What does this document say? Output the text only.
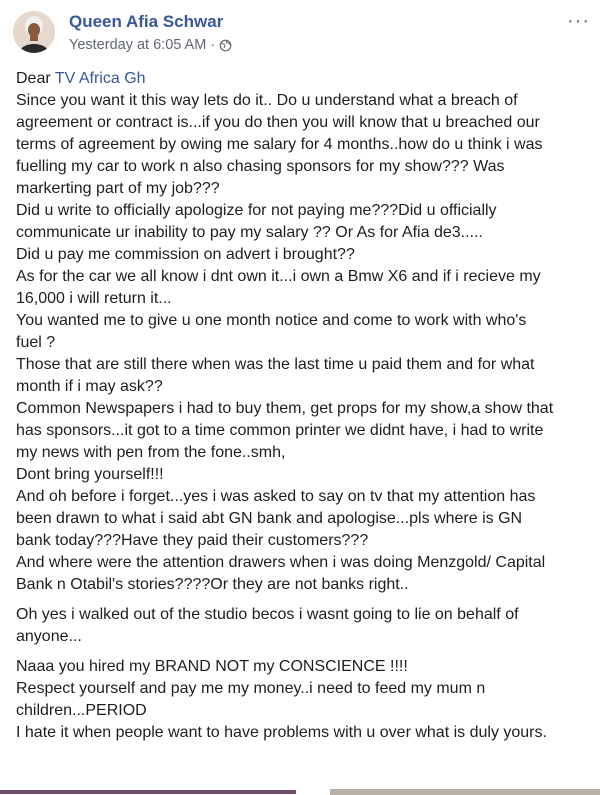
Queen Afia Schwar
Yesterday at 6:05 AM ·
···
Dear TV Africa Gh
Since you want it this way lets do it.. Do u understand what a breach of
agreement or contract is...if you do then you will know that u breached our
terms of agreement by owing me salary for 4 months..how do u think i was
fuelling my car to work n also chasing sponsors for my show??? Was
markerting part of my job???
Did u write to officially apologize for not paying me???Did u officially
communicate ur inability to pay my salary ?? Or As for Afia de3.....
Did u pay me commission on advert i brought??
As for the car we all know i dnt own it...i own a Bmw X6 and if i recieve my
16,000 i will return it...
You wanted me to give u one month notice and come to work with who's
fuel ?
Those that are still there when was the last time u paid them and for what
month if i may ask??
Common Newspapers i had to buy them, get props for my show,a show that
has sponsors...it got to a time common printer we didnt have, i had to write
my news with pen from the fone..smh,
Dont bring yourself!!!
And oh before i forget...yes i was asked to say on tv that my attention has
been drawn to what i said abt GN bank and apologise...pls where is GN
bank today???Have they paid their customers???
And where were the attention drawers when i was doing Menzgold/ Capital
Bank n Otabil's stories????Or they are not banks right..
Oh yes i walked out of the studio becos i wasnt going to lie on behalf of
anyone...
Naaa you hired my BRAND NOT my CONSCIENCE !!!!
Respect yourself and pay me my money..i need to feed my mum n
children...PERIOD
I hate it when people want to have problems with u over what is duly yours.
